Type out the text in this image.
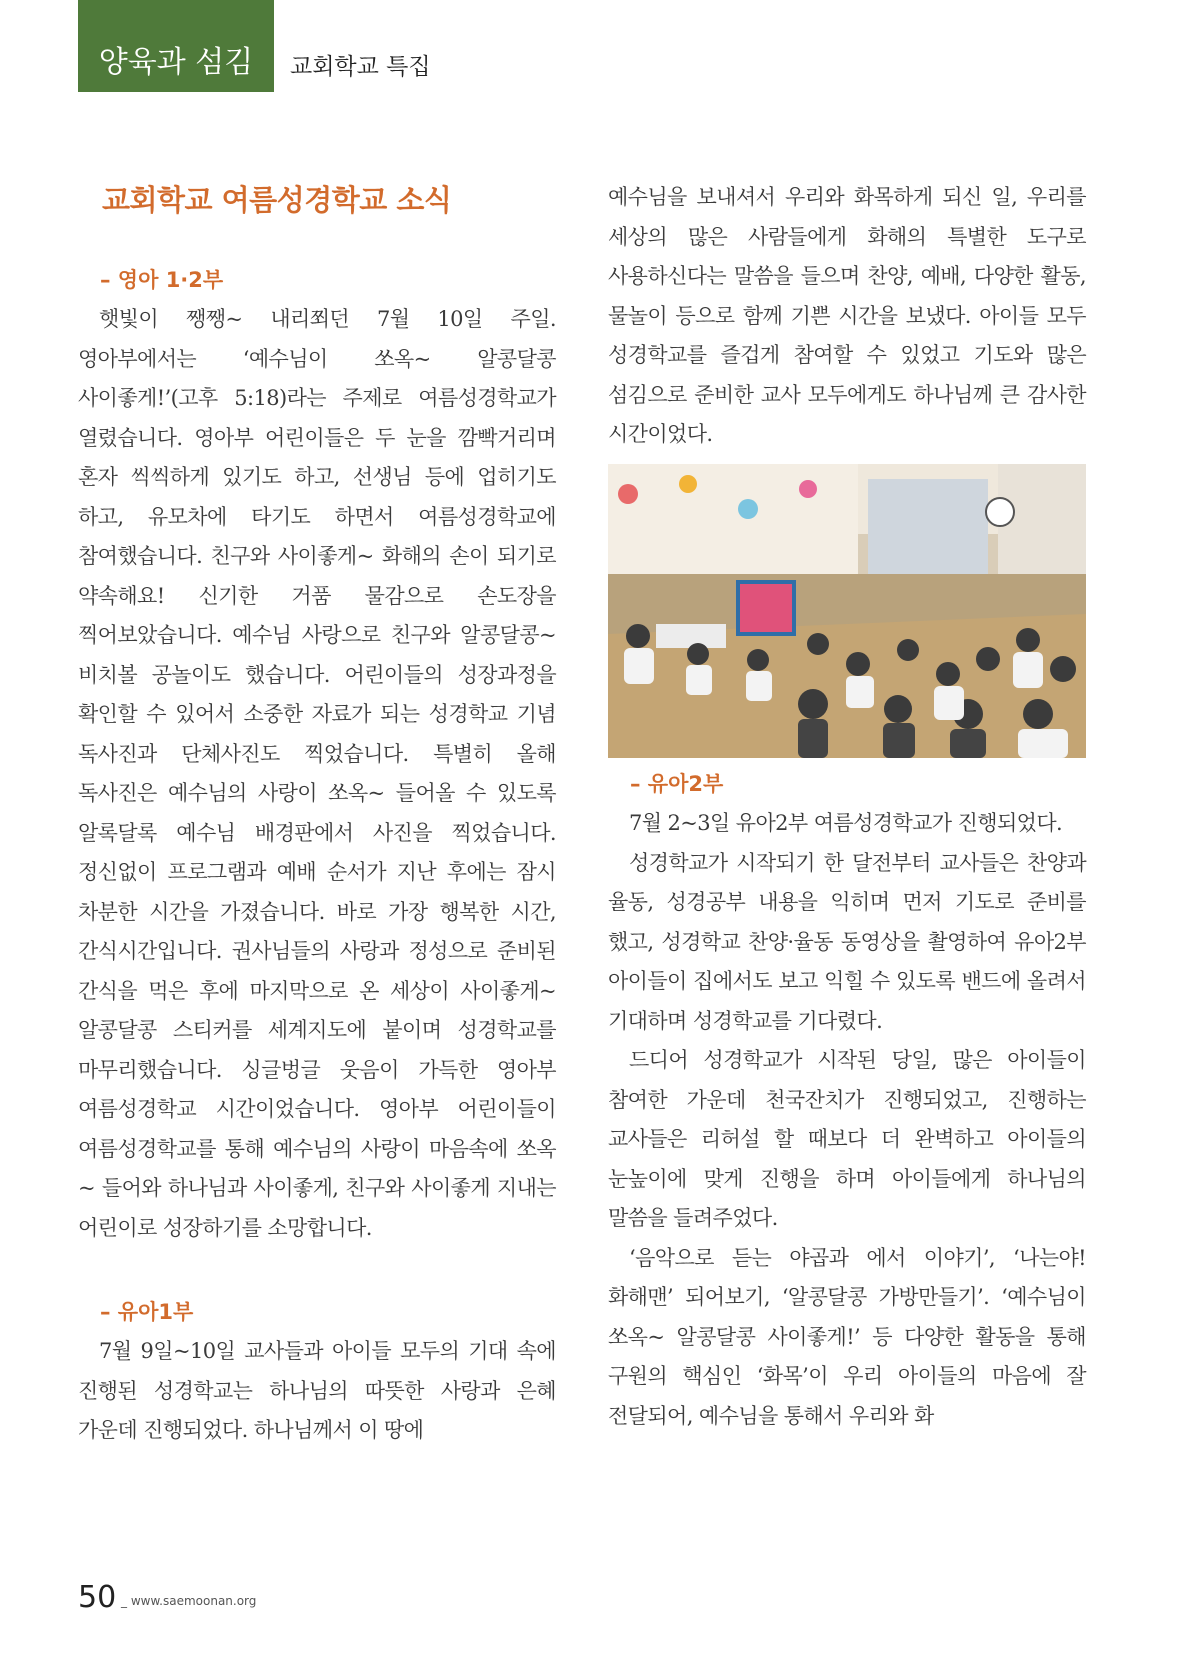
양육과 섬김	교회학교 특집
교회학교 여름성경학교 소식
– 영아 1·2부

햇빛이 쨍쨍~ 내리쬐던 7월 10일 주일. 영아부에서는 ‘예수님이 쏘옥~ 알콩달콩 사이좋게!’(고후 5:18)라는 주제로 여름성경학교가 열렸습니다. 영아부 어린이들은 두 눈을 깜빡거리며 혼자 씩씩하게 있기도 하고, 선생님 등에 업히기도 하고, 유모차에 타기도 하면서 여름성경학교에 참여했습니다. 친구와 사이좋게~ 화해의 손이 되기로 약속해요! 신기한 거품 물감으로 손도장을 찍어보았습니다. 예수님 사랑으로 친구와 알콩달콩~ 비치볼 공놀이도 했습니다. 어린이들의 성장과정을 확인할 수 있어서 소중한 자료가 되는 성경학교 기념 독사진과 단체사진도 찍었습니다. 특별히 올해 독사진은 예수님의 사랑이 쏘옥~ 들어올 수 있도록 알록달록 예수님 배경판에서 사진을 찍었습니다. 정신없이 프로그램과 예배 순서가 지난 후에는 잠시 차분한 시간을 가졌습니다. 바로 가장 행복한 시간, 간식시간입니다. 권사님들의 사랑과 정성으로 준비된 간식을 먹은 후에 마지막으로 온 세상이 사이좋게~ 알콩달콩 스티커를 세계지도에 붙이며 성경학교를 마무리했습니다. 싱글벙글 웃음이 가득한 영아부 여름성경학교 시간이었습니다. 영아부 어린이들이 여름성경학교를 통해 예수님의 사랑이 마음속에 쏘옥~ 들어와 하나님과 사이좋게, 친구와 사이좋게 지내는 어린이로 성장하기를 소망합니다.

– 유아1부

7월 9일~10일 교사들과 아이들 모두의 기대 속에 진행된 성경학교는 하나님의 따뜻한 사랑과 은혜 가운데 진행되었다. 하나님께서 이 땅에

예수님을 보내셔서 우리와 화목하게 되신 일, 우리를 세상의 많은 사람들에게 화해의 특별한 도구로 사용하신다는 말씀을 들으며 찬양, 예배, 다양한 활동, 물놀이 등으로 함께 기쁜 시간을 보냈다. 아이들 모두 성경학교를 즐겁게 참여할 수 있었고 기도와 많은 섬김으로 준비한 교사 모두에게도 하나님께 큰 감사한 시간이었다.

– 유아2부

7월 2~3일 유아2부 여름성경학교가 진행되었다.

성경학교가 시작되기 한 달전부터 교사들은 찬양과 율동, 성경공부 내용을 익히며 먼저 기도로 준비를 했고, 성경학교 찬양·율동 동영상을 촬영하여 유아2부 아이들이 집에서도 보고 익힐 수 있도록 밴드에 올려서 기대하며 성경학교를 기다렸다.

드디어 성경학교가 시작된 당일, 많은 아이들이 참여한 가운데 천국잔치가 진행되었고, 진행하는 교사들은 리허설 할 때보다 더 완벽하고 아이들의 눈높이에 맞게 진행을 하며 아이들에게 하나님의 말씀을 들려주었다.

‘음악으로 듣는 야곱과 에서 이야기’, ‘나는야! 화해맨’ 되어보기, ‘알콩달콩 가방만들기’. ‘예수님이 쏘옥~ 알콩달콩 사이좋게!’ 등 다양한 활동을 통해 구원의 핵심인 ‘화목’이 우리 아이들의 마음에 잘 전달되어, 예수님을 통해서 우리와 화

50 _ www.saemoonan.org
